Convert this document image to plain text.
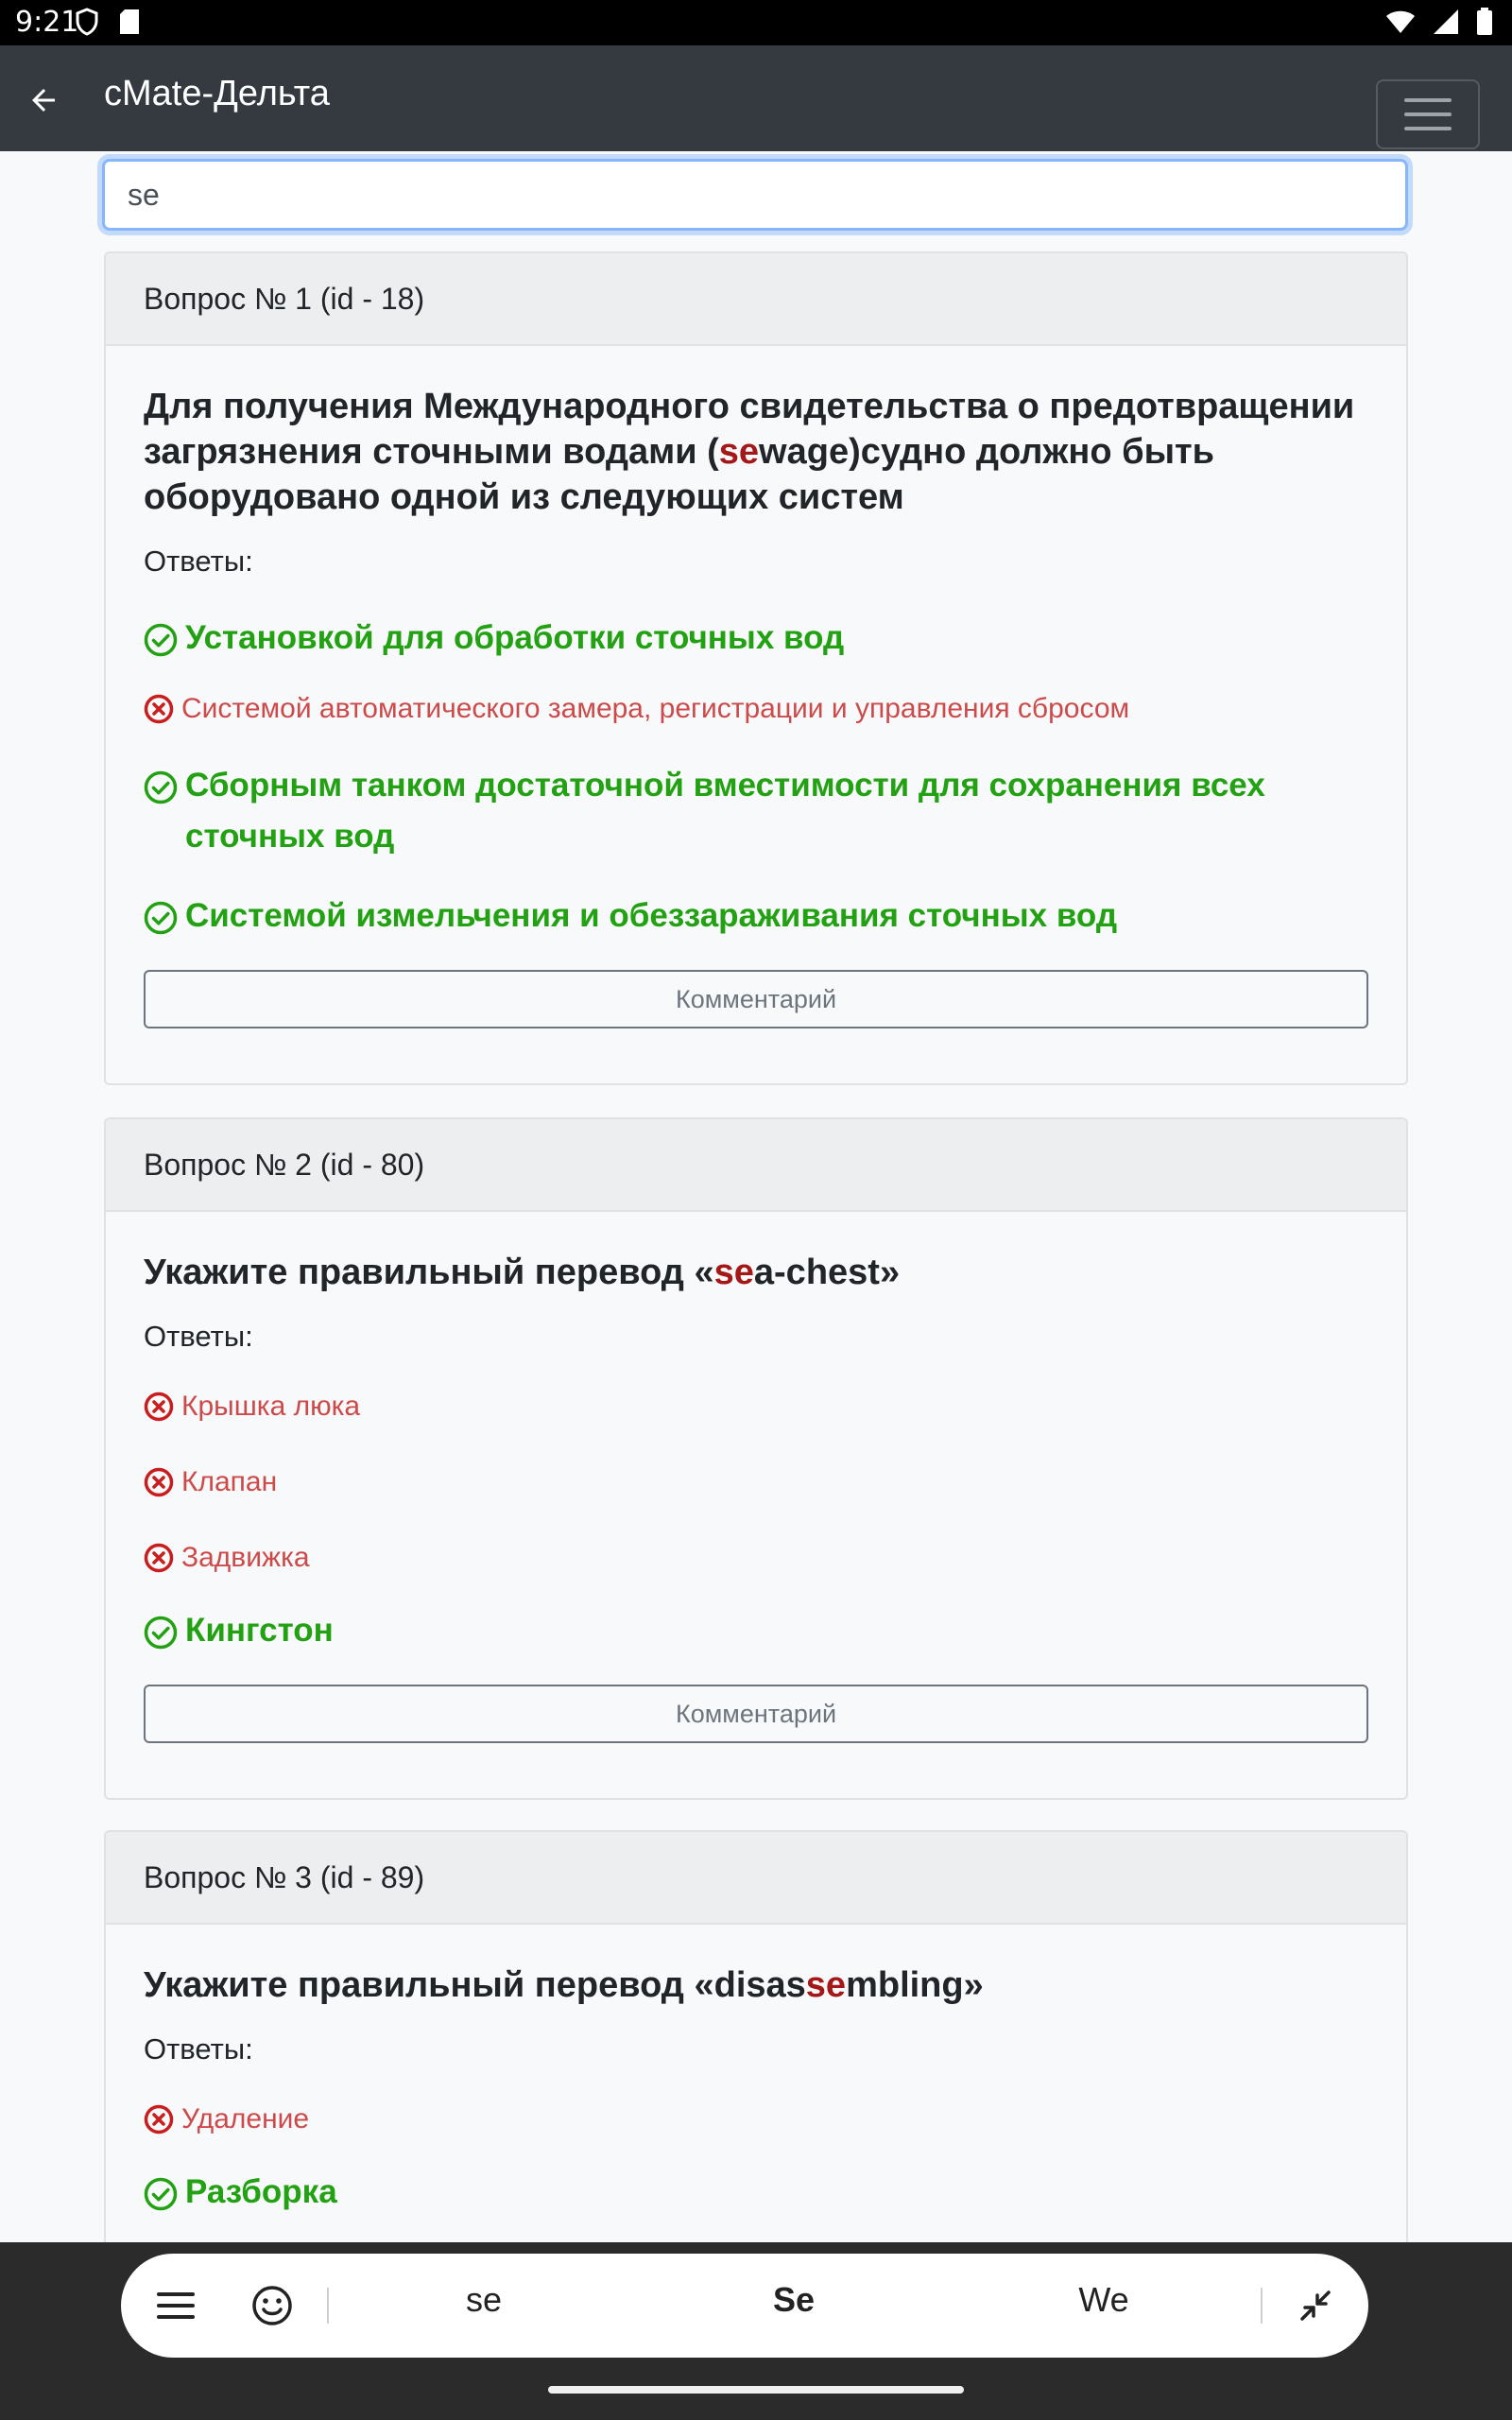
9:21
cMate-Дельта
se
Вопрос № 1 (id - 18)
Для получения Международного свидетельства о предотвращении загрязнения сточными водами (sewage)судно должно быть оборудовано одной из следующих систем
Ответы:
Установкой для обработки сточных вод
Системой автоматического замера, регистрации и управления сбросом
Сборным танком достаточной вместимости для сохранения всех сточных вод
Системой измельчения и обеззараживания сточных вод
Комментарий
Вопрос № 2 (id - 80)
Укажите правильный перевод «sea-chest»
Ответы:
Крышка люка
Клапан
Задвижка
Кингстон
Комментарий
Вопрос № 3 (id - 89)
Укажите правильный перевод «disassembling»
Ответы:
Удаление
Разборка
se	Se	We
